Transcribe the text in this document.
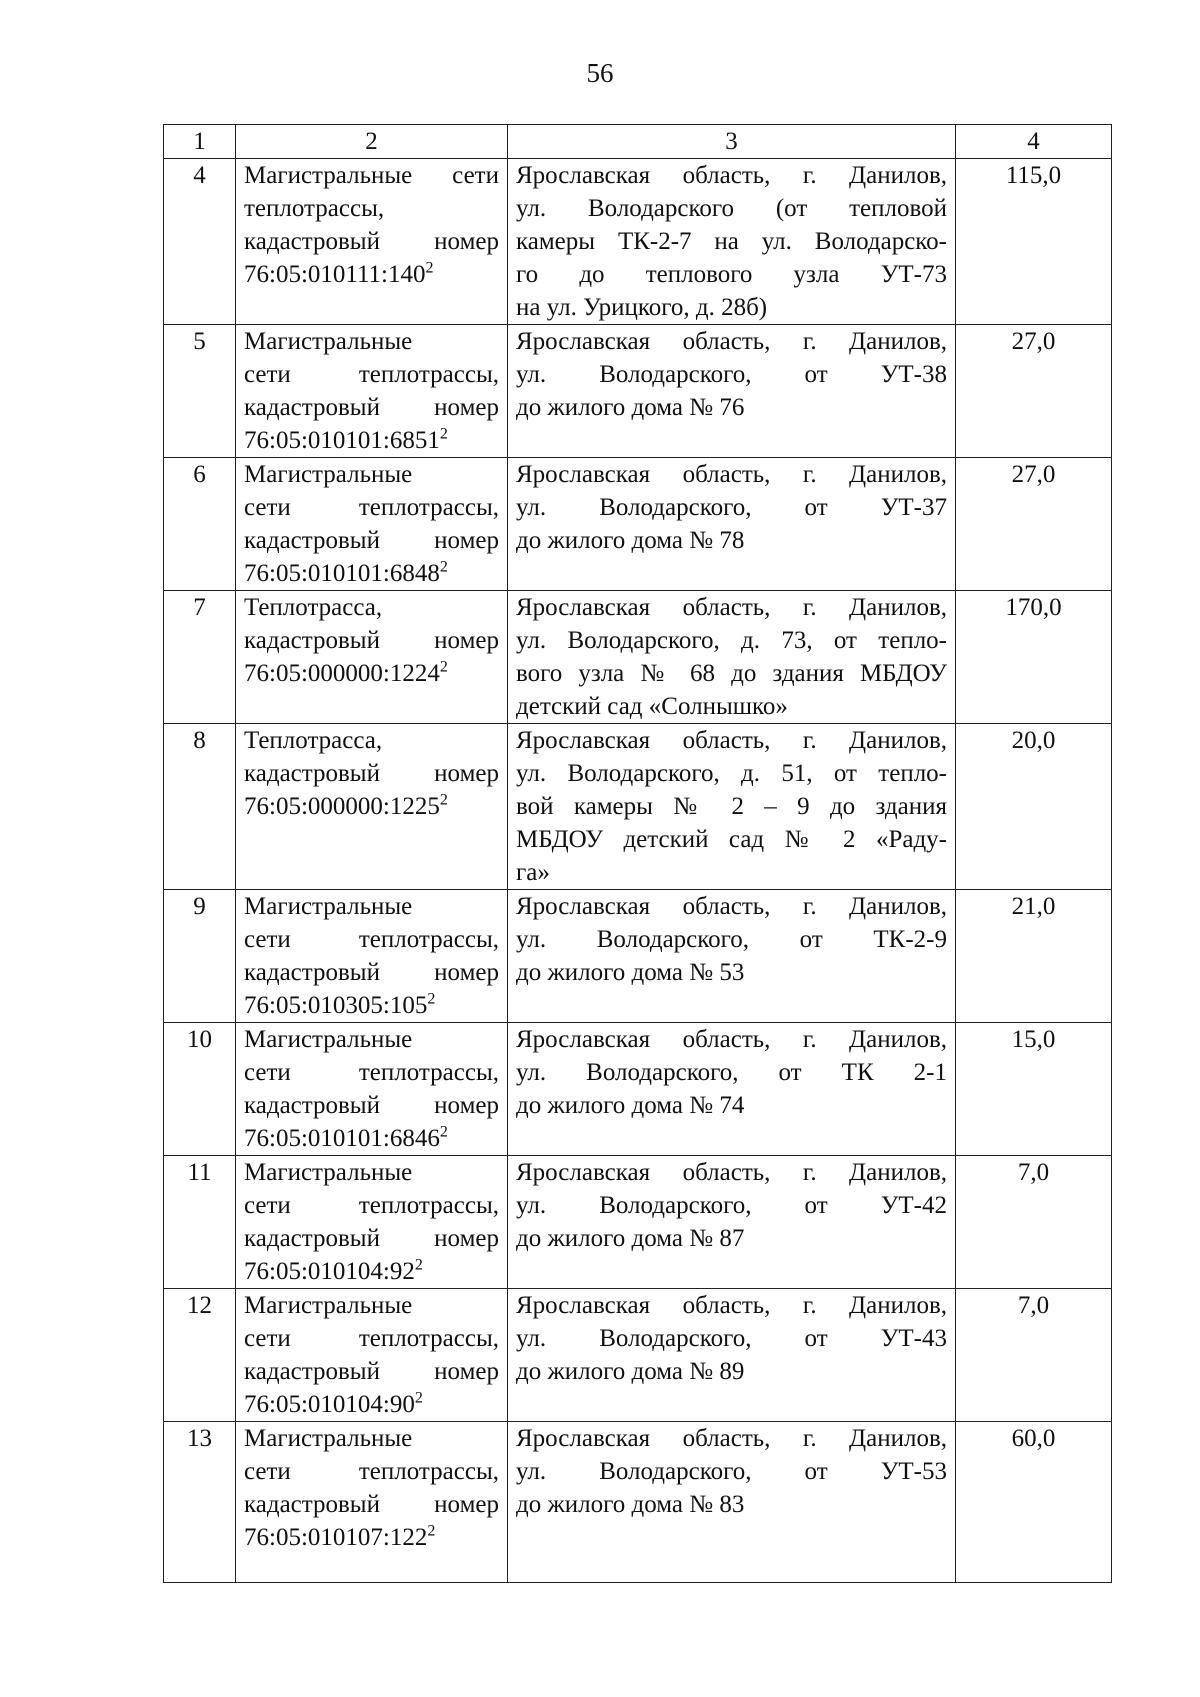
56
1	2	3	4
4	Магистральные сети
теплотрассы,
кадастровый номер
$76:05:010111:140^2$	Ярославская область, г. Данилов,
ул. Володарского (от тепловой
камеры ТК-2-7 на ул. Володарско-
го до теплового узла УТ-73
на ул. Урицкого, д. 28б)	115,0
5	Магистральные
сети теплотрассы,
кадастровый номер
76:05:010101:6851$^2$	Ярославская область, г. Данилов,
ул. Володарского, от УТ-38
до жилого дома № 76	27,0
6	Магистральные
сети теплотрассы,
кадастровый номер
76:05:010101:6848$^2$	Ярославская область, г. Данилов,
ул. Володарского, от УТ-37
до жилого дома № 78	27,0
7	Теплотрасса,
кадастровый номер
76:05:000000:1224$^2$	Ярославская область, г. Данилов,
ул. Володарского, д. 73, от тепло-
вого узла № 68 до здания МБДОУ
детский сад «Солнышко»	170,0
8	Теплотрасса,
кадастровый номер
76:05:000000:1225$^2$	Ярославская область, г. Данилов,
ул. Володарского, д. 51, от тепло-
вой камеры № 2 – 9 до здания
МБДОУ детский сад № 2 «Раду-
га»	20,0
9	Магистральные
сети теплотрассы,
кадастровый номер
$76:05:010305:105^2$	Ярославская область, г. Данилов,
ул. Володарского, от ТК-2-9
до жилого дома № 53	21,0
10	Магистральные
сети теплотрассы,
кадастровый номер
76:05:010101:6846$^2$	Ярославская область, г. Данилов,
ул. Володарского, от ТК 2-1
до жилого дома № 74	15,0
11	Магистральные
сети теплотрассы,
кадастровый номер
$76:05:010104:92^2$	Ярославская область, г. Данилов,
ул. Володарского, от УТ-42
до жилого дома № 87	7,0
12	Магистральные
сети теплотрассы,
кадастровый номер
$76:05:010104:90^2$	Ярославская область, г. Данилов,
ул. Володарского, от УТ-43
до жилого дома № 89	7,0
13	Магистральные
сети теплотрассы,
кадастровый номер
$76:05:010107:122^2$	Ярославская область, г. Данилов,
ул. Володарского, от УТ-53
до жилого дома № 83	60,0
